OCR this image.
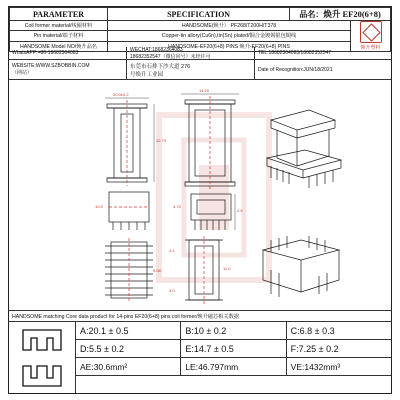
PARAMETER	SPECIFICATION	品名：焕升 EF20(6+8)	
Coil former material/线圈材料	HANDSOME(焕升） PF268/T200H/T378		焕升塑料

Pin material/端子材料	Copper-tin allory(Cu6n),tin(Sn) plated/铜合金镀锡银包铜线		
HANDSOME Model NO/焕升品名	HANDSOME-EF20(6+8) PINS 焕升-EF20(6+8) PINS		
WhatsAPP:+86-18682364083
WECHAT:18682364083
18682352547（微信同号）未经许可
TEL:18682364083/18682352547
WEBSITE:WWW.SZBOBBIN.COM
（网站）
东莞市石排下沙大道 276
号焕升工业园
Date of Recognition:JUN/18/2021
20.0±0.2
12.70
14.20
2.5
10.5
5.08	11.0
3.75
4.1
3.0
HANDSOME matching Core data product for 14-pins EF20(6+8) pins coil former/焕升磁芯相关数据
A:20.1 ± 0.5	B:10 ± 0.2	C:6.8 ± 0.3
D:5.5 ± 0.2	E:14.7 ± 0.5	F:7.25 ± 0.2
AE:30.6mm²	LE:46.797mm	VE:1432mm³
